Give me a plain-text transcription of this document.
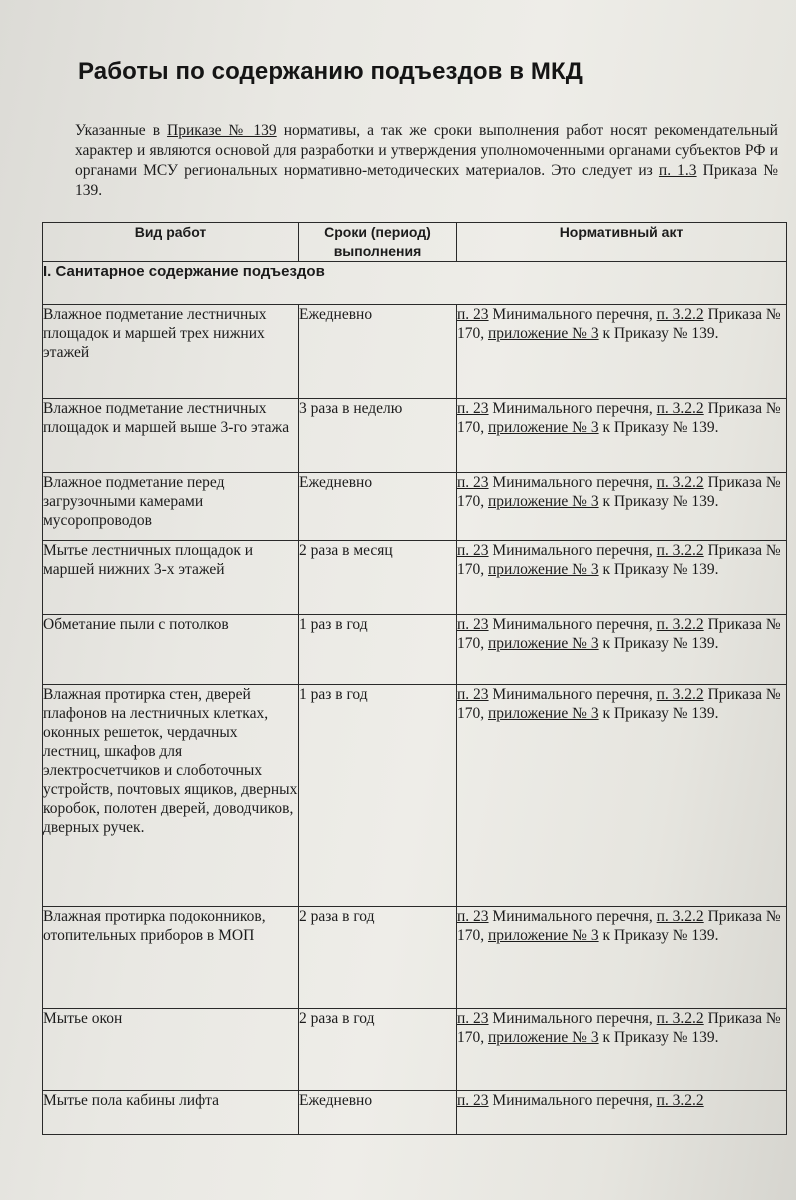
Работы по содержанию подъездов в МКД

Указанные в Приказе № 139 нормативы, а так же сроки выполнения работ носят рекомендательный характер и являются основой для разработки и утверждения уполномоченными органами субъектов РФ и органами МСУ региональных нормативно-методических материалов. Это следует из п. 1.3 Приказа № 139.

Вид работ	Сроки (период) выполнения	Нормативный акт
I. Санитарное содержание подъездов		
Влажное подметание лестничных площадок и маршей трех нижних этажей	Ежедневно	п. 23 Минимального перечня, п. 3.2.2 Приказа № 170, приложение № 3 к Приказу № 139.
Влажное подметание лестничных площадок и маршей выше 3-го этажа	3 раза в неделю	п. 23 Минимального перечня, п. 3.2.2 Приказа № 170, приложение № 3 к Приказу № 139.
Влажное подметание перед загрузочными камерами мусоропроводов	Ежедневно	п. 23 Минимального перечня, п. 3.2.2 Приказа № 170, приложение № 3 к Приказу № 139.
Мытье лестничных площадок и маршей нижних 3-х этажей	2 раза в месяц	п. 23 Минимального перечня, п. 3.2.2 Приказа № 170, приложение № 3 к Приказу № 139.
Обметание пыли с потолков	1 раз в год	п. 23 Минимального перечня, п. 3.2.2 Приказа № 170, приложение № 3 к Приказу № 139.
Влажная протирка стен, дверей плафонов на лестничных клетках, оконных решеток, чердачных лестниц, шкафов для электросчетчиков и слоботочных устройств, почтовых ящиков, дверных коробок, полотен дверей, доводчиков, дверных ручек.	1 раз в год	п. 23 Минимального перечня, п. 3.2.2 Приказа № 170, приложение № 3 к Приказу № 139.
Влажная протирка подоконников, отопительных приборов в МОП	2 раза в год	п. 23 Минимального перечня, п. 3.2.2 Приказа № 170, приложение № 3 к Приказу № 139.
Мытье окон	2 раза в год	п. 23 Минимального перечня, п. 3.2.2 Приказа № 170, приложение № 3 к Приказу № 139.
Мытье пола кабины лифта	Ежедневно	п. 23 Минимального перечня, п. 3.2.2
